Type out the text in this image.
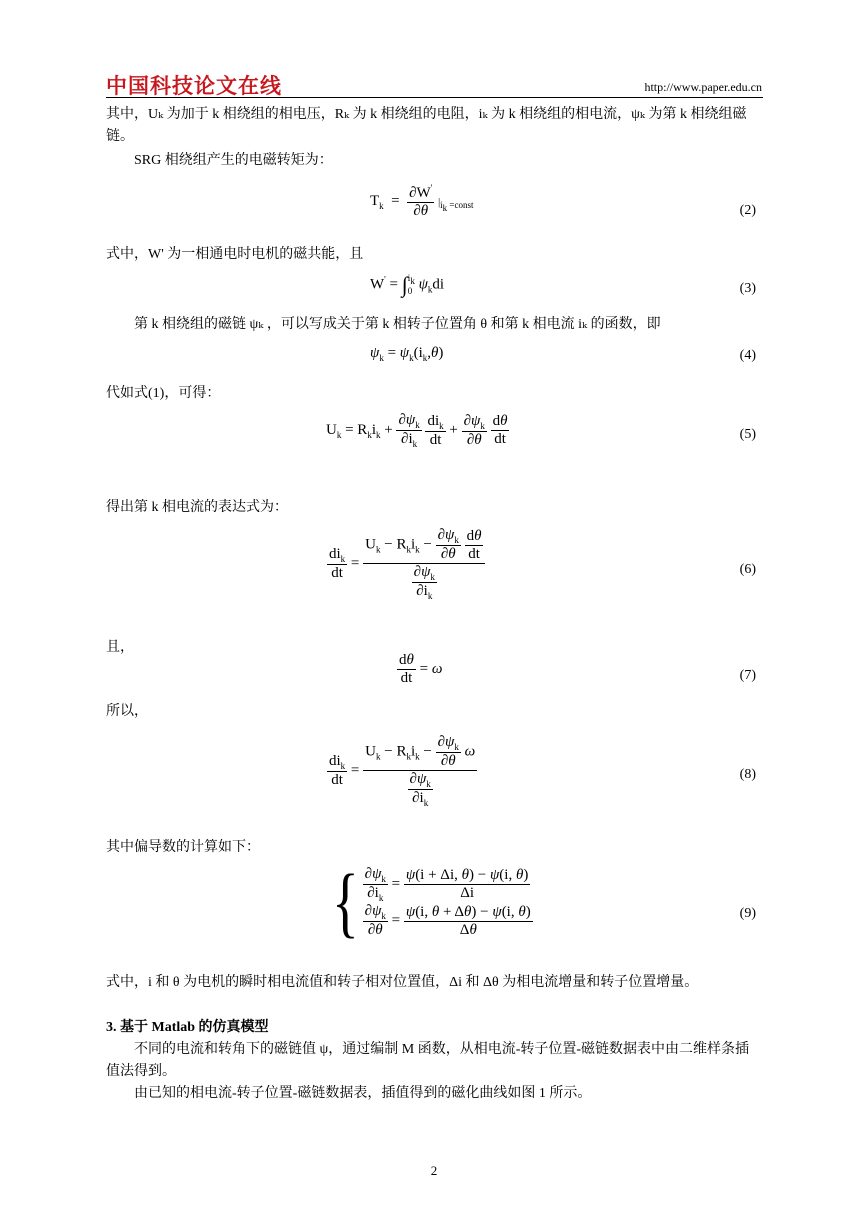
中国科技论文在线	http://www.paper.edu.cn
其中，Uₖ 为加于 k 相绕组的相电压，Rₖ 为 k 相绕组的电阻，iₖ 为 k 相绕组的相电流，ψₖ 为第 k 相绕组磁链。
SRG 相绕组产生的电磁转矩为：
$T_k = \frac{\partial W'}{\partial\theta} |_{i_k =const}$	(2)
式中，W' 为一相通电时电机的磁共能，且
$W' = \int i_k$
0 $\psi_kdi$	(3)
第 k 相绕组的磁链 ψₖ ，可以写成关于第 k 相转子位置角 θ 和第 k 相电流 iₖ 的函数，即
$\psi_k = \psi_k(i_k,\theta)$	(4)
代如式(1)，可得：
$U_k = R_ki_k + \frac{\partial\psi_k}{\partial i_k}$
$\frac{di_k}{dt} + \frac{\partial\psi_k}{\partial\theta}$
$\frac{d\theta}{dt}$	(5)
得出第 k 相电流的表达式为：
$\frac{di_k}{dt} = U_k - R_ki_k - \frac{\partial\psi_k}{\partial\theta}$
$\frac{d\theta}{dt}$
$\frac{\partial\psi_k}{\partial i_k}$	(6)
且，
$\frac{d\theta}{dt} = \omega$	(7)
所以，
$\frac{di_k}{dt} = \frac{U_k - R_ki_k - \frac{\partial\psi_k}{\partial\theta} \omega}{\frac{\partial\psi_k}{\partial i_k}}$	(8)
其中偏导数的计算如下：
{ $\frac{\partial\psi_k}{\partial i_k} = \frac{\psi(i + \Delta i, \theta) - \psi(i, \theta)}{\Delta i}$
$\frac{\partial\psi_k}{\partial\theta} = \frac{\psi(i, \theta + \Delta\theta) - \psi(i, \theta)}{\Delta\theta}$	(9)
式中，i 和 θ 为电机的瞬时相电流值和转子相对位置值，Δi 和 Δθ 为相电流增量和转子位置增量。
3. 基于 Matlab 的仿真模型
不同的电流和转角下的磁链值 ψ，通过编制 M 函数，从相电流-转子位置-磁链数据表中由二维样条插值法得到。
由已知的相电流-转子位置-磁链数据表，插值得到的磁化曲线如图 1 所示。
2
